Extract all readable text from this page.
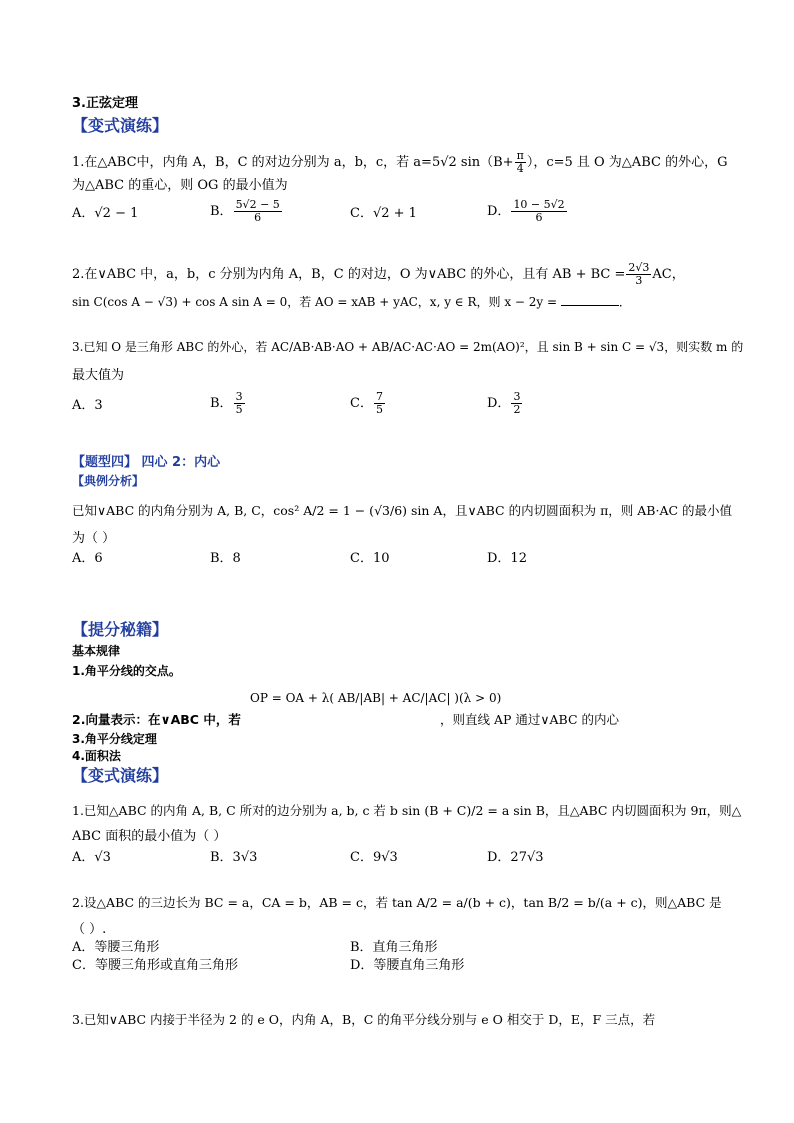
3.正弦定理
【变式演练】
1.在△ABC中，内角 A，B，C 的对边分别为 a，b，c，若 a=5√2 $\sin(B+ \frac{\pi}{4}$ ），c=5 且 O 为△ABC 的外心，G
为△ABC 的重心，则 OG 的最小值为
A．√2 − 1	B． $\frac{5√2 - 5}{6}$	C．√2 + 1	D． $\frac{10 - 5√2}{6}$
2.在∨ABC 中，a，b，c 分别为内角 A，B，C 的对边，O 为∨ABC 的外心，且有 AB + BC = $\frac{2√3}{3}$ AC，
sin C(cos A − √3) + cos A sin A = 0，若 AO = xAB + yAC，x, y ∈ R，则 x − 2y =	．
3.已知 O 是三角形 ABC 的外心，若 AC/AB·AB·AO + AB/AC·AC·AO = 2m(AO)²，且 sin B + sin C = √3，则实数 m 的
最大值为
A．3	B． $\frac{3}{5}$	C． $\frac{7}{5}$	D． $\frac{3}{2}$
【题型四】 四心 2：内心
【典例分析】
已知∨ABC 的内角分别为 A, B, C，cos² A/2 = 1 − (√3/6) sin A，且∨ABC 的内切圆面积为 π，则 AB·AC 的最小值
为（ ）
A．6	B．8	C．10	D．12
【提分秘籍】
基本规律
1.角平分线的交点。
OP = OA + λ( AB/|AB| + AC/|AC| )(λ > 0)
2.向量表示：在∨ABC 中，若	，则直线 AP 通过∨ABC 的内心
3.角平分线定理
4.面积法
【变式演练】
1.已知△ABC 的内角 A, B, C 所对的边分别为 a, b, c 若 b sin (B + C)/2 = a sin B，且△ABC 内切圆面积为 9π，则△
ABC 面积的最小值为（ ）
A．√3	B．3√3	C．9√3	D．27√3
2.设△ABC 的三边长为 BC = a，CA = b，AB = c，若 tan A/2 = a/(b + c)，tan B/2 = b/(a + c)，则△ABC 是
（ ）.
A．等腰三角形	B．直角三角形
C．等腰三角形或直角三角形	D．等腰直角三角形
3.已知∨ABC 内接于半径为 2 的 e O，内角 A，B，C 的角平分线分别与 e O 相交于 D，E，F 三点，若
